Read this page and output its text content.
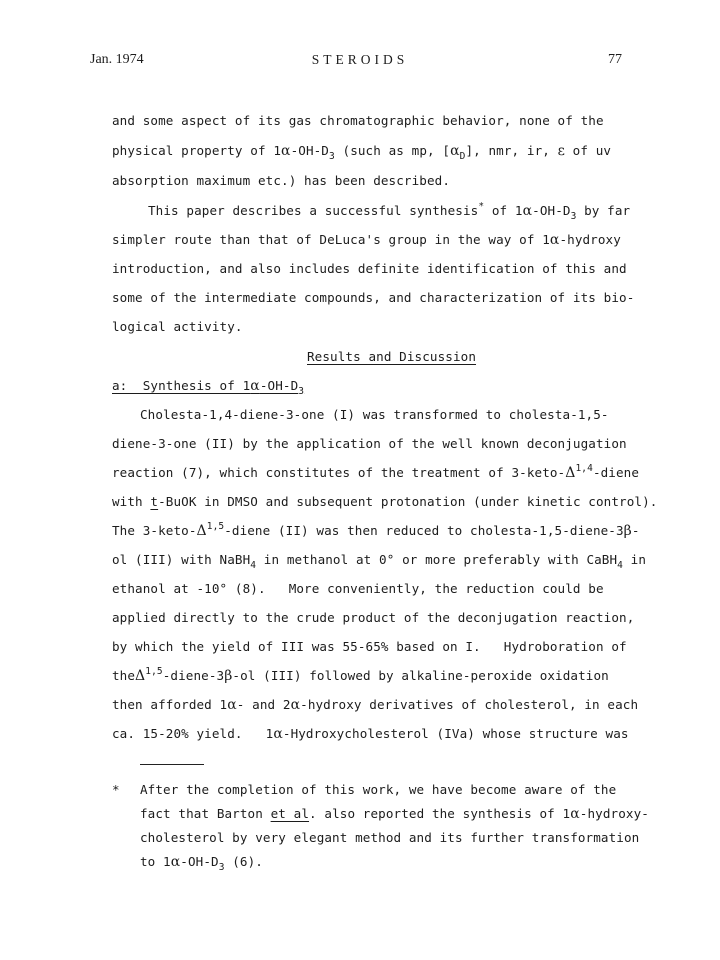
Jan. 1974	STEROIDS	77
and some aspect of its gas chromatographic behavior, none of the
physical property of $1\alpha-OH-D_3$ (such as mp, $[\alpha_D]$, nmr, ir, ε of uv
absorption maximum etc.) has been described.
This paper describes a successful synthesis* of $1\alpha-OH-D_3$ by far
simpler route than that of DeLuca's group in the way of 1α-hydroxy
introduction, and also includes definite identification of this and
some of the intermediate compounds, and characterization of its bio-
logical activity.
Results and Discussion
a:  Synthesis of $1\alpha-OH-D_3$
Cholesta-1,4-diene-3-one (I) was transformed to cholesta-1,5-
diene-3-one (II) by the application of the well known deconjugation
reaction (7), which constitutes of the treatment of $3-keto-\Delta^{1,4}$-diene
with t-BuOK in DMSO and subsequent protonation (under kinetic control).
The $3-keto-\Delta^{1,5}$-diene (II) was then reduced to cholesta-1,5-diene-3β-
ol (III) with NaBH$_4$ in methanol at 0° or more preferably with CaBH$_4$ in
ethanol at -10° (8).   More conveniently, the reduction could be
applied directly to the crude product of the deconjugation reaction,
by which the yield of III was 55-65% based on I.   Hydroboration of
theΔ$^{1,5}$-diene-3β-ol (III) followed by alkaline-peroxide oxidation
then afforded 1α- and 2α-hydroxy derivatives of cholesterol, in each
ca. 15-20% yield.   1α-Hydroxycholesterol (IVa) whose structure was
* After the completion of this work, we have become aware of the
fact that Barton et al. also reported the synthesis of 1α-hydroxy-
cholesterol by very elegant method and its further transformation
to $1\alpha-OH-D_3$ (6).
